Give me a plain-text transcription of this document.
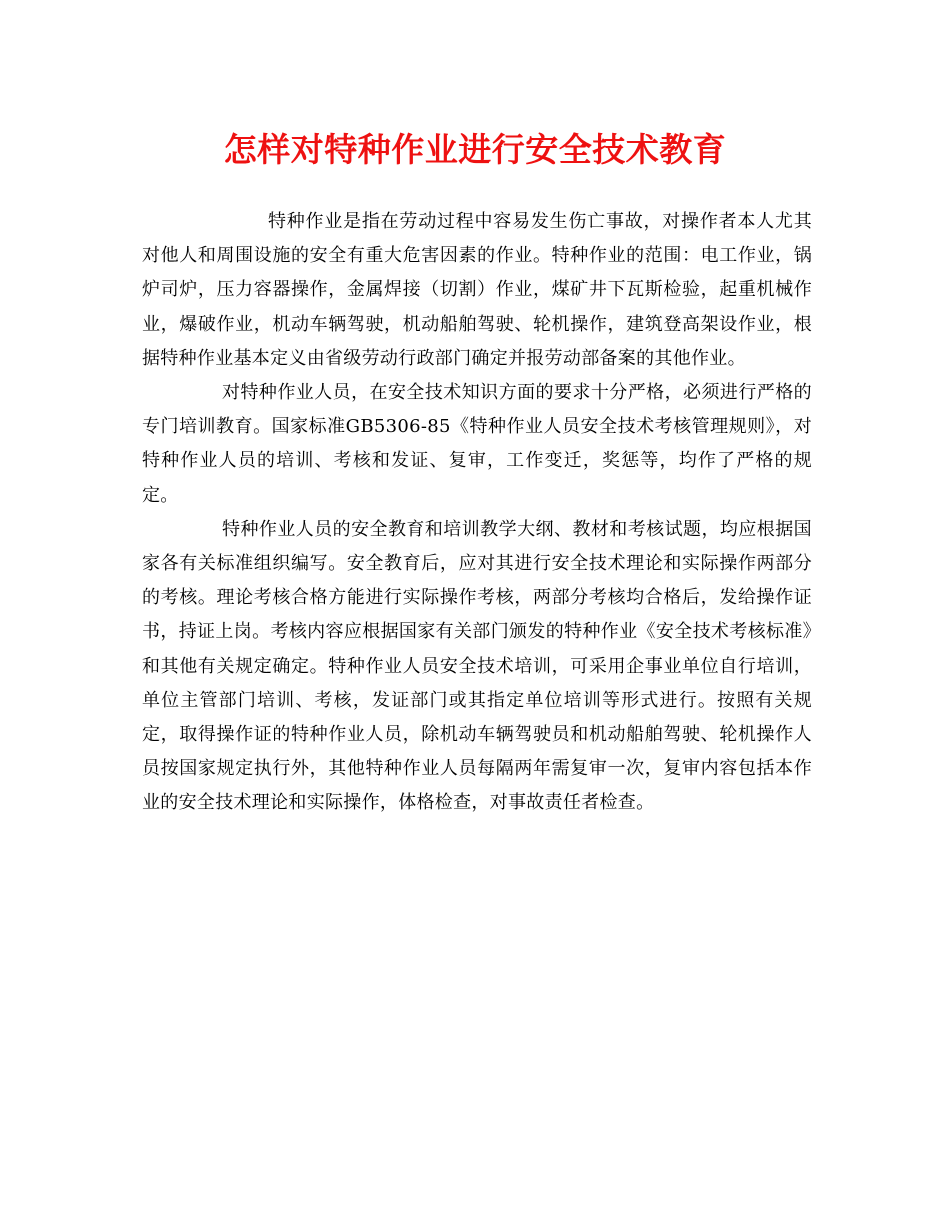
怎样对特种作业进行安全技术教育

特种作业是指在劳动过程中容易发生伤亡事故，对操作者本人尤其对他人和周围设施的安全有重大危害因素的作业。特种作业的范围：电工作业，锅炉司炉，压力容器操作，金属焊接（切割）作业，煤矿井下瓦斯检验，起重机械作业，爆破作业，机动车辆驾驶，机动船舶驾驶、轮机操作，建筑登高架设作业，根据特种作业基本定义由省级劳动行政部门确定并报劳动部备案的其他作业。

对特种作业人员，在安全技术知识方面的要求十分严格，必须进行严格的专门培训教育。国家标准GB5306-85《特种作业人员安全技术考核管理规则》，对特种作业人员的培训、考核和发证、复审，工作变迁，奖惩等，均作了严格的规定。

特种作业人员的安全教育和培训教学大纲、教材和考核试题，均应根据国家各有关标准组织编写。安全教育后，应对其进行安全技术理论和实际操作两部分的考核。理论考核合格方能进行实际操作考核，两部分考核均合格后，发给操作证书，持证上岗。考核内容应根据国家有关部门颁发的特种作业《安全技术考核标准》和其他有关规定确定。特种作业人员安全技术培训，可采用企事业单位自行培训，单位主管部门培训、考核，发证部门或其指定单位培训等形式进行。按照有关规定，取得操作证的特种作业人员，除机动车辆驾驶员和机动船舶驾驶、轮机操作人员按国家规定执行外，其他特种作业人员每隔两年需复审一次，复审内容包括本作业的安全技术理论和实际操作，体格检查，对事故责任者检查。
